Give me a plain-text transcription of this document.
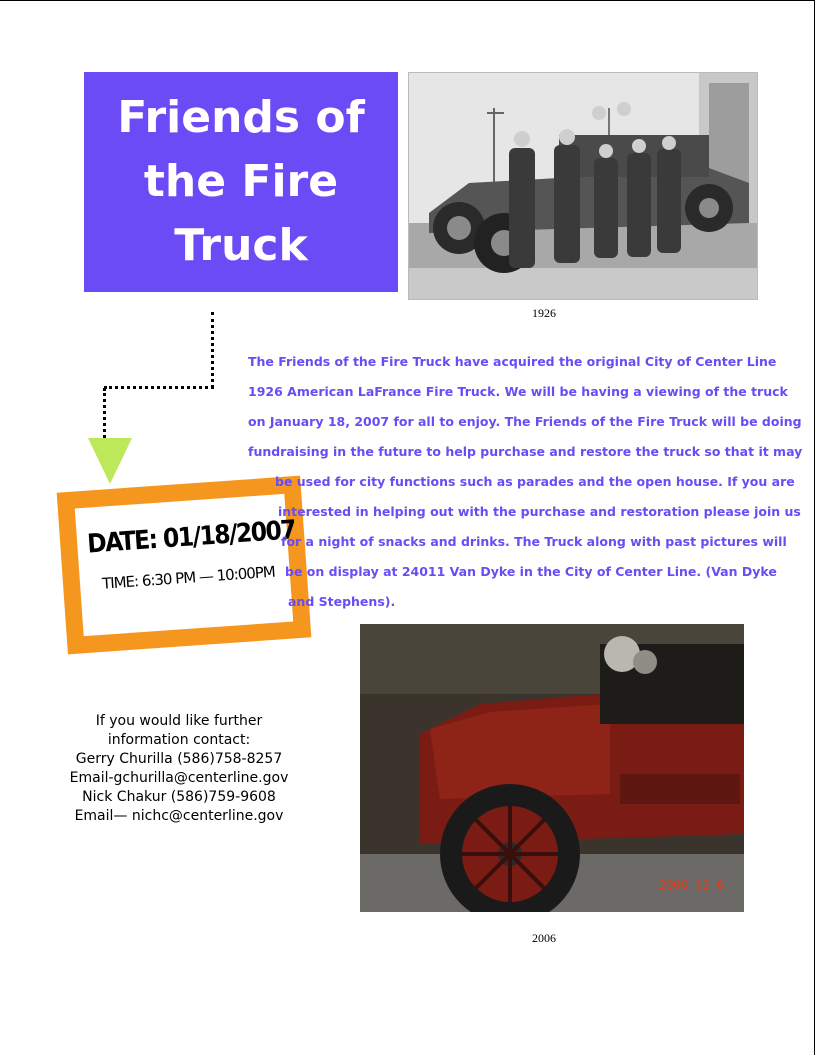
Friends of
the Fire
Truck
1926
DATE: 01/18/2007
TIME: 6:30 PM — 10:00PM
The Friends of the Fire Truck have acquired the original City of Center Line
1926 American LaFrance Fire Truck. We will be having a viewing of the truck
on January 18, 2007 for all to enjoy. The Friends of the Fire Truck will be doing
fundraising in the future to help purchase and restore the truck so that it may
be used for city functions such as parades and the open house. If you are
interested in helping out with the purchase and restoration please join us
for a night of snacks and drinks. The Truck along with past pictures will
be on display at 24011 Van Dyke in the City of Center Line. (Van Dyke
and Stephens).
If you would like further
information contact:
Gerry Churilla (586)758-8257
Email-gchurilla@centerline.gov
Nick Chakur (586)759-9608
Email— nichc@centerline.gov
2006 12 6
2006
